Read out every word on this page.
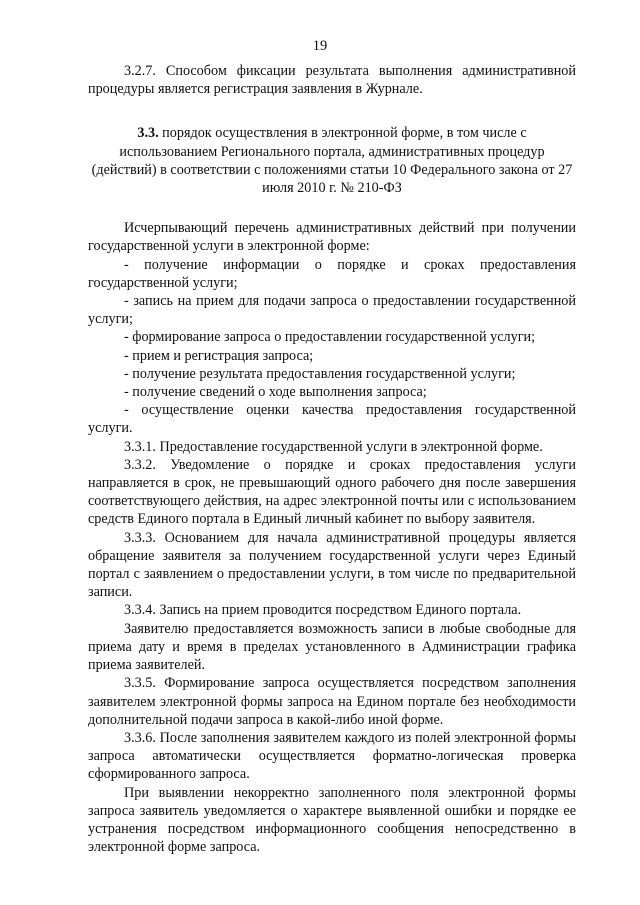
19

3.2.7. Способом фиксации результата выполнения административной процедуры является регистрация заявления в Журнале.

3.3. порядок осуществления в электронной форме, в том числе с использованием Регионального портала, административных процедур (действий) в соответствии с положениями статьи 10 Федерального закона от 27 июля 2010 г. № 210-ФЗ

Исчерпывающий перечень административных действий при получении государственной услуги в электронной форме:

- получение информации о порядке и сроках предоставления государственной услуги;

- запись на прием для подачи запроса о предоставлении государственной услуги;

- формирование запроса о предоставлении государственной услуги;

- прием и регистрация запроса;

- получение результата предоставления государственной услуги;

- получение сведений о ходе выполнения запроса;

- осуществление оценки качества предоставления государственной услуги.

3.3.1. Предоставление государственной услуги в электронной форме.

3.3.2. Уведомление о порядке и сроках предоставления услуги направляется в срок, не превышающий одного рабочего дня после завершения соответствующего действия, на адрес электронной почты или с использованием средств Единого портала в Единый личный кабинет по выбору заявителя.

3.3.3. Основанием для начала административной процедуры является обращение заявителя за получением государственной услуги через Единый портал с заявлением о предоставлении услуги, в том числе по предварительной записи.

3.3.4. Запись на прием проводится посредством Единого портала.

Заявителю предоставляется возможность записи в любые свободные для приема дату и время в пределах установленного в Администрации графика приема заявителей.

3.3.5. Формирование запроса осуществляется посредством заполнения заявителем электронной формы запроса на Едином портале без необходимости дополнительной подачи запроса в какой-либо иной форме.

3.3.6. После заполнения заявителем каждого из полей электронной формы запроса автоматически осуществляется форматно-логическая проверка сформированного запроса.

При выявлении некорректно заполненного поля электронной формы запроса заявитель уведомляется о характере выявленной ошибки и порядке ее устранения посредством информационного сообщения непосредственно в электронной форме запроса.
